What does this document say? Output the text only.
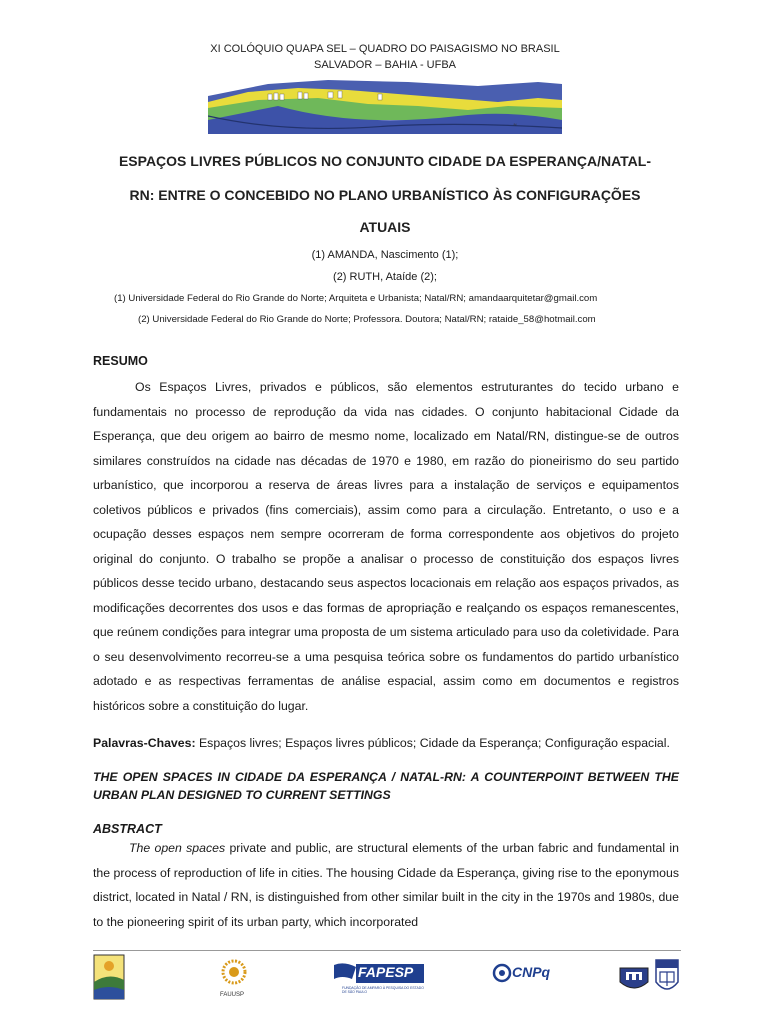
XI COLÓQUIO QUAPA SEL – QUADRO DO PAISAGISMO NO BRASIL
SALVADOR – BAHIA - UFBA
≈
ESPAÇOS LIVRES PÚBLICOS NO CONJUNTO CIDADE DA ESPERANÇA/NATAL-
RN: ENTRE O CONCEBIDO NO PLANO URBANÍSTICO ÀS CONFIGURAÇÕES
ATUAIS
(1) AMANDA, Nascimento (1);
(2) RUTH, Ataíde (2);
(1) Universidade Federal do Rio Grande do Norte; Arquiteta e Urbanista; Natal/RN; amandaarquitetar@gmail.com
(2) Universidade Federal do Rio Grande do Norte; Professora. Doutora; Natal/RN; rataide_58@hotmail.com
RESUMO
Os Espaços Livres, privados e públicos, são elementos estruturantes do tecido urbano e fundamentais no processo de reprodução da vida nas cidades. O conjunto habitacional Cidade da Esperança, que deu origem ao bairro de mesmo nome, localizado em Natal/RN, distingue-se de outros similares construídos na cidade nas décadas de 1970 e 1980, em razão do pioneirismo do seu partido urbanístico, que incorporou a reserva de áreas livres para a instalação de serviços e equipamentos coletivos públicos e privados (fins comerciais), assim como para a circulação. Entretanto, o uso e a ocupação desses espaços nem sempre ocorreram de forma correspondente aos objetivos do projeto original do conjunto. O trabalho se propõe a analisar o processo de constituição dos espaços livres públicos desse tecido urbano, destacando seus aspectos locacionais em relação aos espaços privados, as modificações decorrentes dos usos e das formas de apropriação e realçando os espaços remanescentes, que reúnem condições para integrar uma proposta de um sistema articulado para uso da coletividade. Para o seu desenvolvimento recorreu-se a uma pesquisa teórica sobre os fundamentos do partido urbanístico adotado e as respectivas ferramentas de análise espacial, assim como em documentos e registros históricos sobre a constituição do lugar.
Palavras-Chaves: Espaços livres; Espaços livres públicos; Cidade da Esperança; Configuração espacial.
THE OPEN SPACES IN CIDADE DA ESPERANÇA / NATAL-RN: A COUNTERPOINT BETWEEN THE URBAN PLAN DESIGNED TO CURRENT SETTINGS
ABSTRACT
The open spaces private and public, are structural elements of the urban fabric and fundamental in the process of reproduction of life in cities. The housing Cidade da Esperança, giving rise to the eponymous district, located in Natal / RN, is distinguished from other similar built in the city in the 1970s and 1980s, due to the pioneering spirit of its urban party, which incorporated
FAUUSP
FAPESP
FUNDAÇÃO DE AMPARO À PESQUISA DO ESTADO DE SÃO PAULO
CNPq
